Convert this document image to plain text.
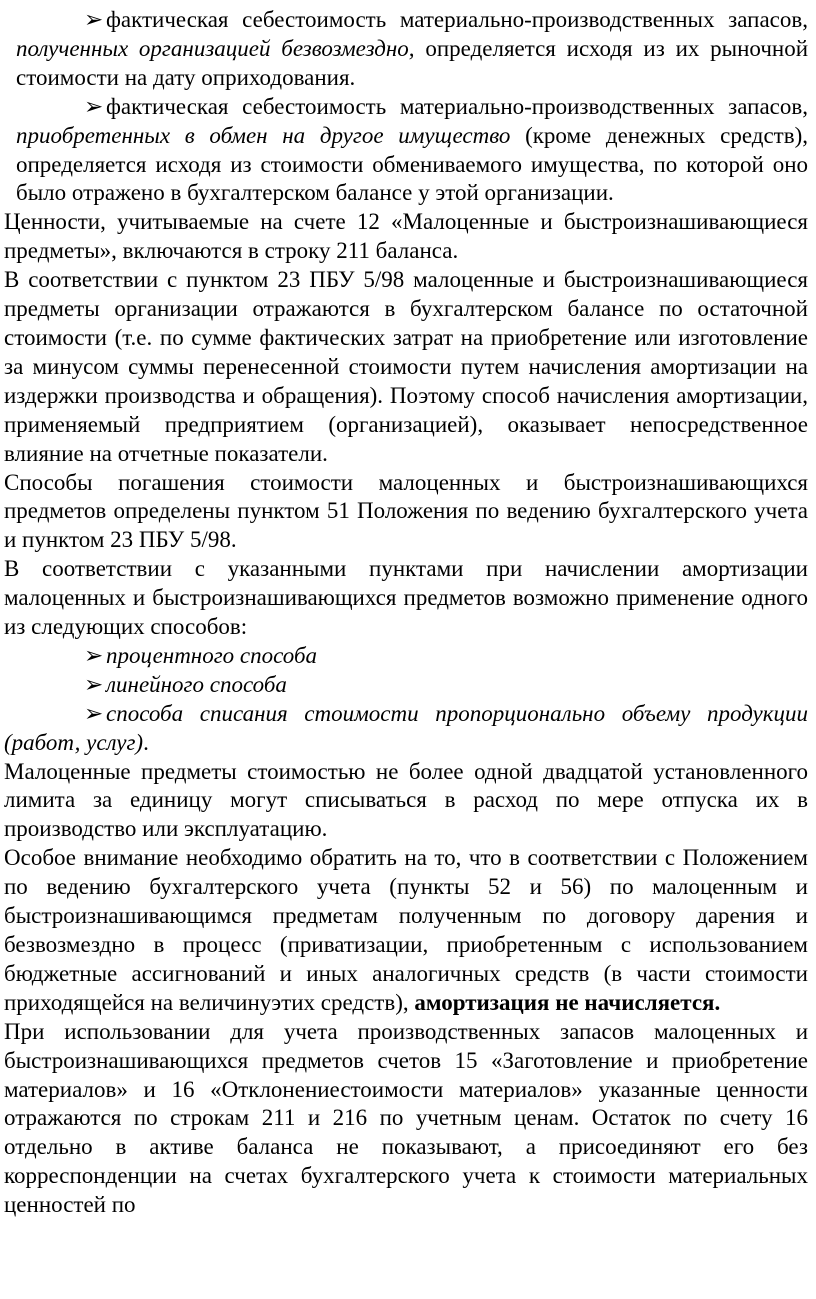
➢ фактическая себестоимость материально-производственных запасов, полученных организацией безвозмездно, определяется исходя из их рыночной стоимости на дату оприходования.

➢ фактическая себестоимость материально-производственных запасов, приобретенных в обмен на другое имущество (кроме денежных средств), определяется исходя из стоимости обмениваемого имущества, по которой оно было отражено в бухгалтерском балансе у этой организации.

Ценности, учитываемые на счете 12 «Малоценные и быстроизнашивающиеся предметы», включаются в строку 211 баланса.

В соответствии с пунктом 23 ПБУ 5/98 малоценные и быстроизнашивающиеся предметы организации отражаются в бухгалтерском балансе по остаточной стоимости (т.е. по сумме фактических затрат на приобретение или изготовление за минусом суммы перенесенной стоимости путем начисления амортизации на издержки производства и обращения). Поэтому способ начисления амортизации, применяемый предприятием (организацией), оказывает непосредственное влияние на отчетные показатели.

Способы погашения стоимости малоценных и быстроизнашивающихся предметов определены пунктом 51 Положения по ведению бухгалтерского учета и пунктом 23 ПБУ 5/98.

В соответствии с указанными пунктами при начислении амортизации малоценных и быстроизнашивающихся предметов возможно применение одного из следующих способов:

➢ процентного способа

➢ линейного способа

➢ способа списания стоимости пропорционально объему продукции (работ, услуг).

Малоценные предметы стоимостью не более одной двадцатой установленного лимита за единицу могут списываться в расход по мере отпуска их в производство или эксплуатацию.

Особое внимание необходимо обратить на то, что в соответствии с Положением по ведению бухгалтерского учета (пункты 52 и 56) по малоценным и быстроизнашивающимся предметам полученным по договору дарения и безвозмездно в процесс (приватизации, приобретенным с использованием бюджетные ассигнований и иных аналогичных средств (в части стоимости приходящейся на величинуэтих средств), амортизация не начисляется.

При использовании для учета производственных запасов малоценных и быстроизнашивающихся предметов счетов 15 «Заготовление и приобретение материалов» и 16 «Отклонениестоимости материалов» указанные ценности отражаются по строкам 211 и 216 по учетным ценам. Остаток по счету 16 отдельно в активе баланса не показывают, а присоединяют его без корреспонденции на счетах бухгалтерского учета к стоимости материальных ценностей по
